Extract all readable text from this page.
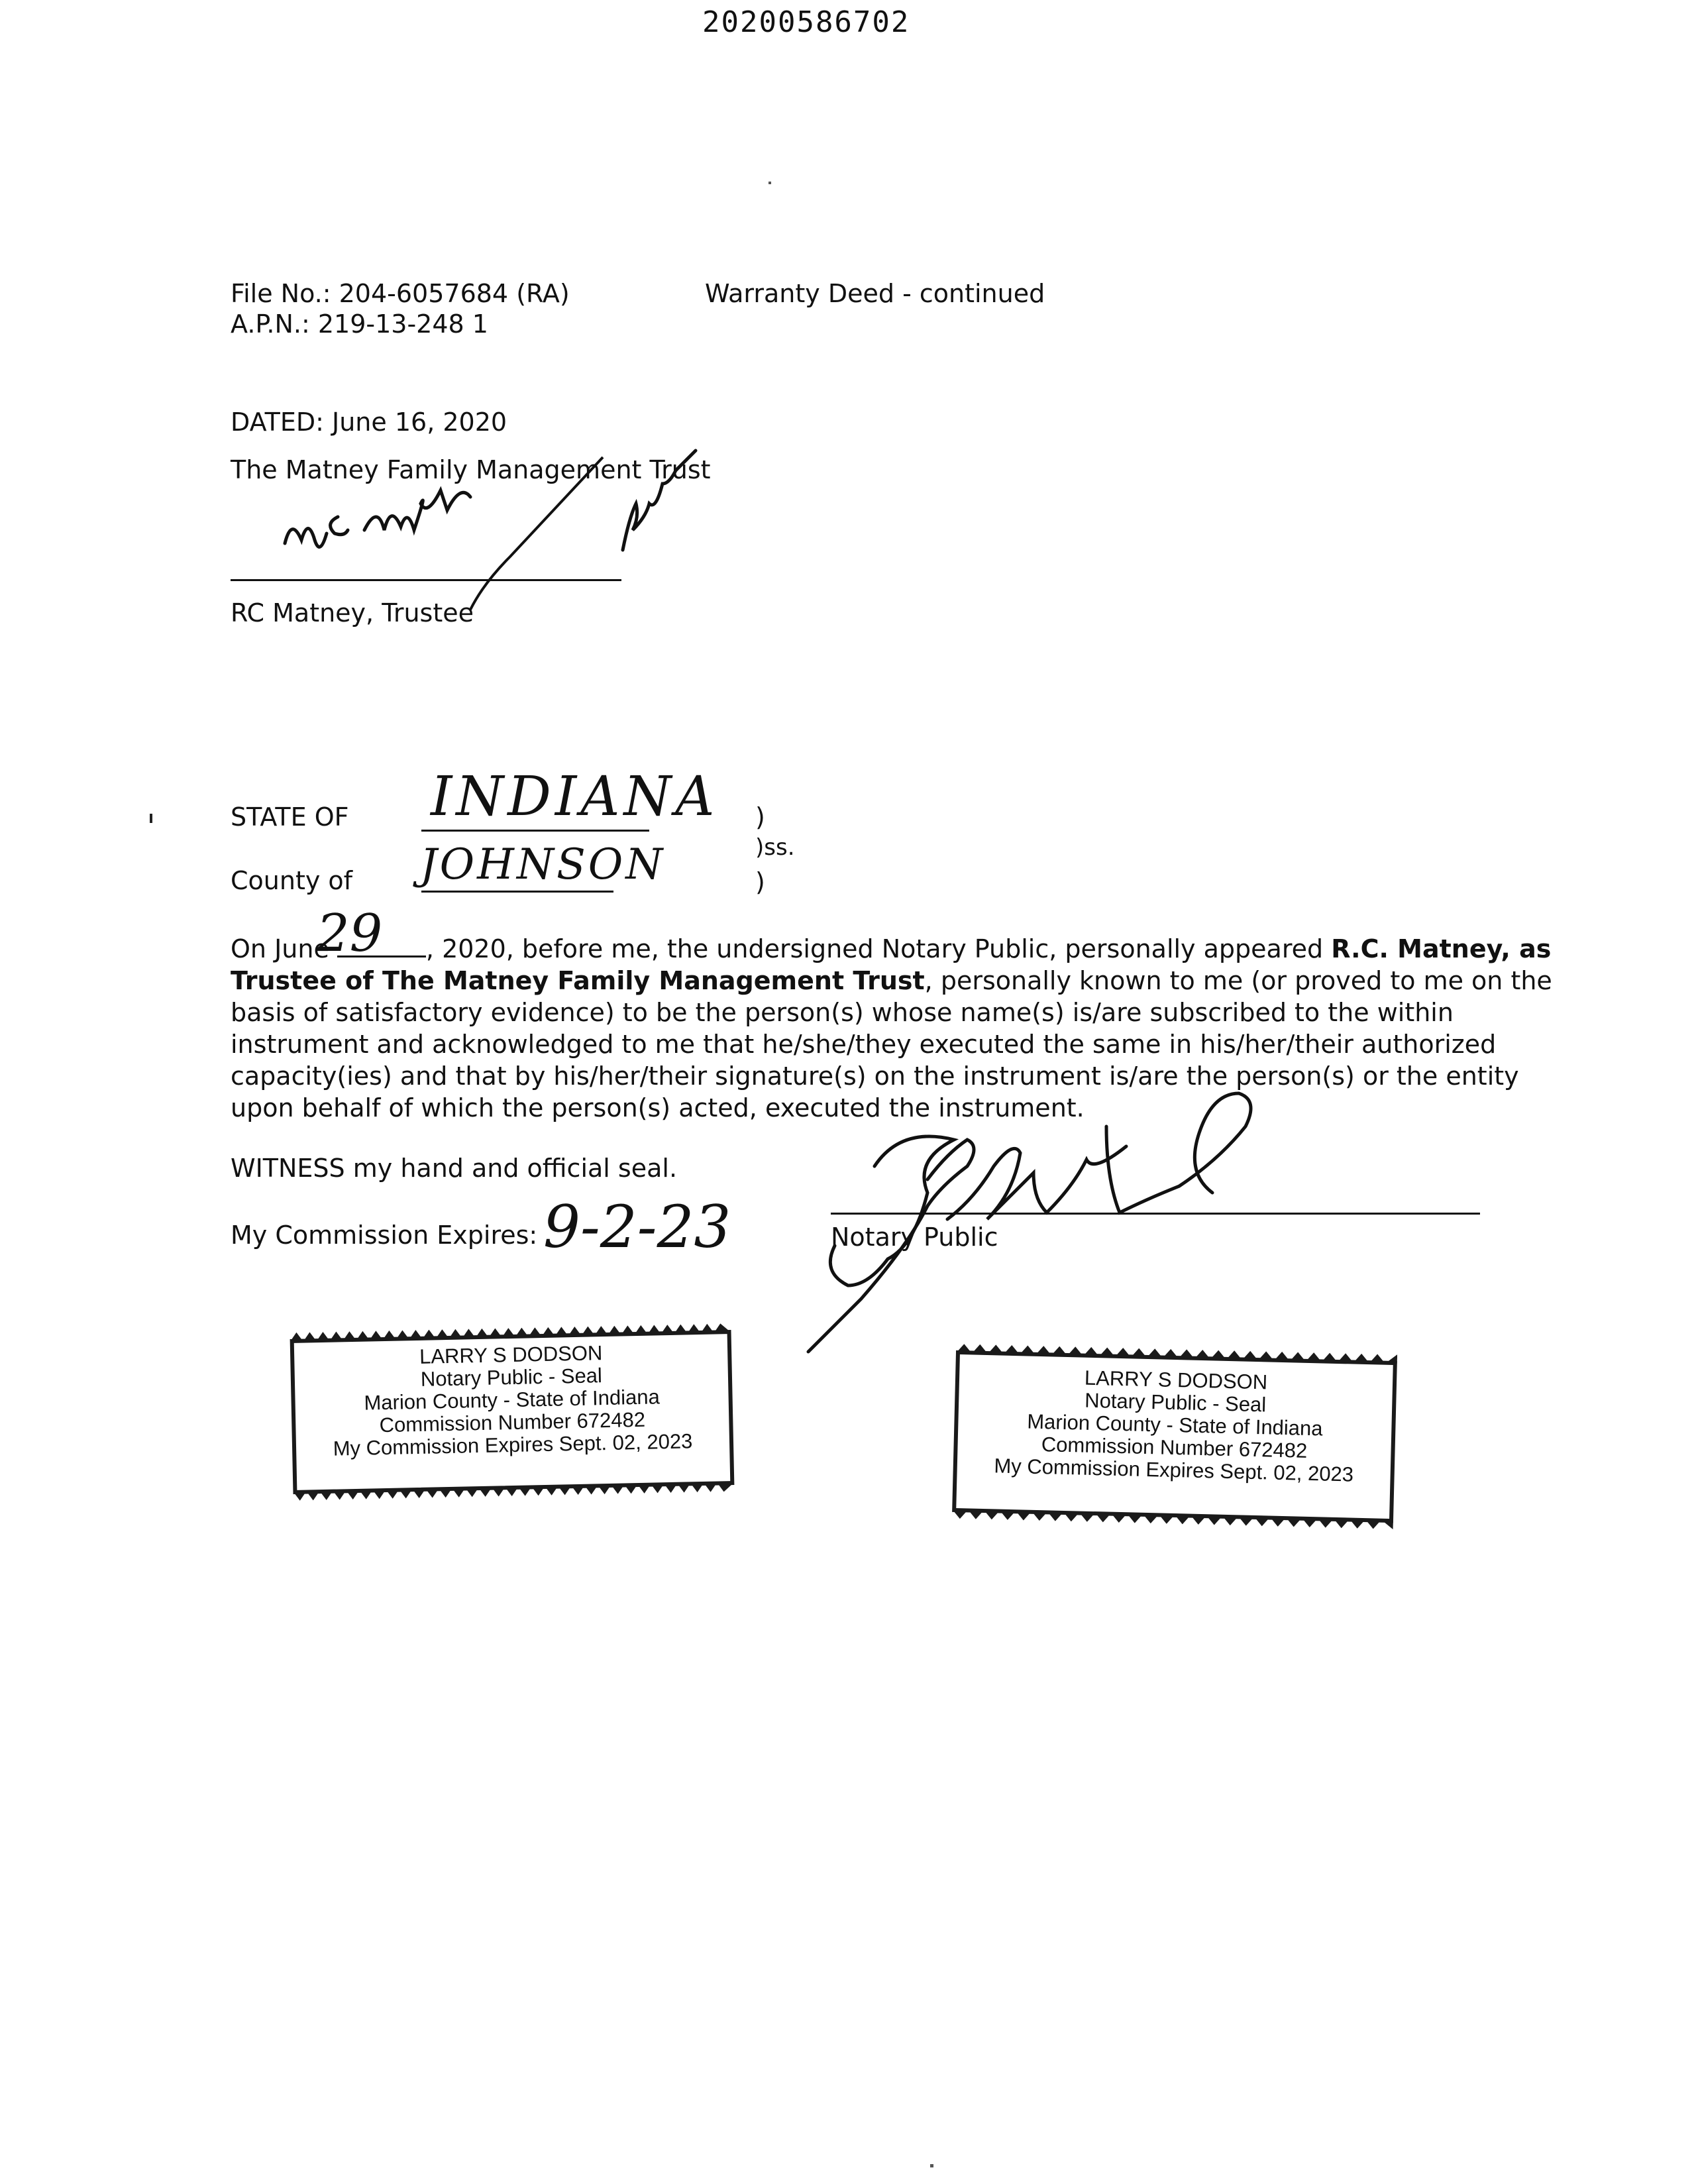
20200586702
File No.: 204-6057684 (RA)
A.P.N.: 219-13-248 1
Warranty Deed - continued
DATED: June 16, 2020
The Matney Family Management Trust
RC Matney, Trustee
STATE OF INDIANA
County of JOHNSON
)
)ss.
)

On June	, 2020, before me, the undersigned Notary Public, personally appeared R.C. Matney, as

Trustee of The Matney Family Management Trust, personally known to me (or proved to me on the

basis of satisfactory evidence) to be the person(s) whose name(s) is/are subscribed to the within

instrument and acknowledged to me that he/she/they executed the same in his/her/their authorized

capacity(ies) and that by his/her/their signature(s) on the instrument is/are the person(s) or the entity

upon behalf of which the person(s) acted, executed the instrument.

29
WITNESS my hand and official seal.
My Commission Expires: 9-2-23	Notary Public
LARRY S DODSON
Notary Public - Seal
Marion County - State of Indiana
Commission Number 672482
My Commission Expires Sept. 02, 2023
LARRY S DODSON
Notary Public - Seal
Marion County - State of Indiana
Commission Number 672482
My Commission Expires Sept. 02, 2023
